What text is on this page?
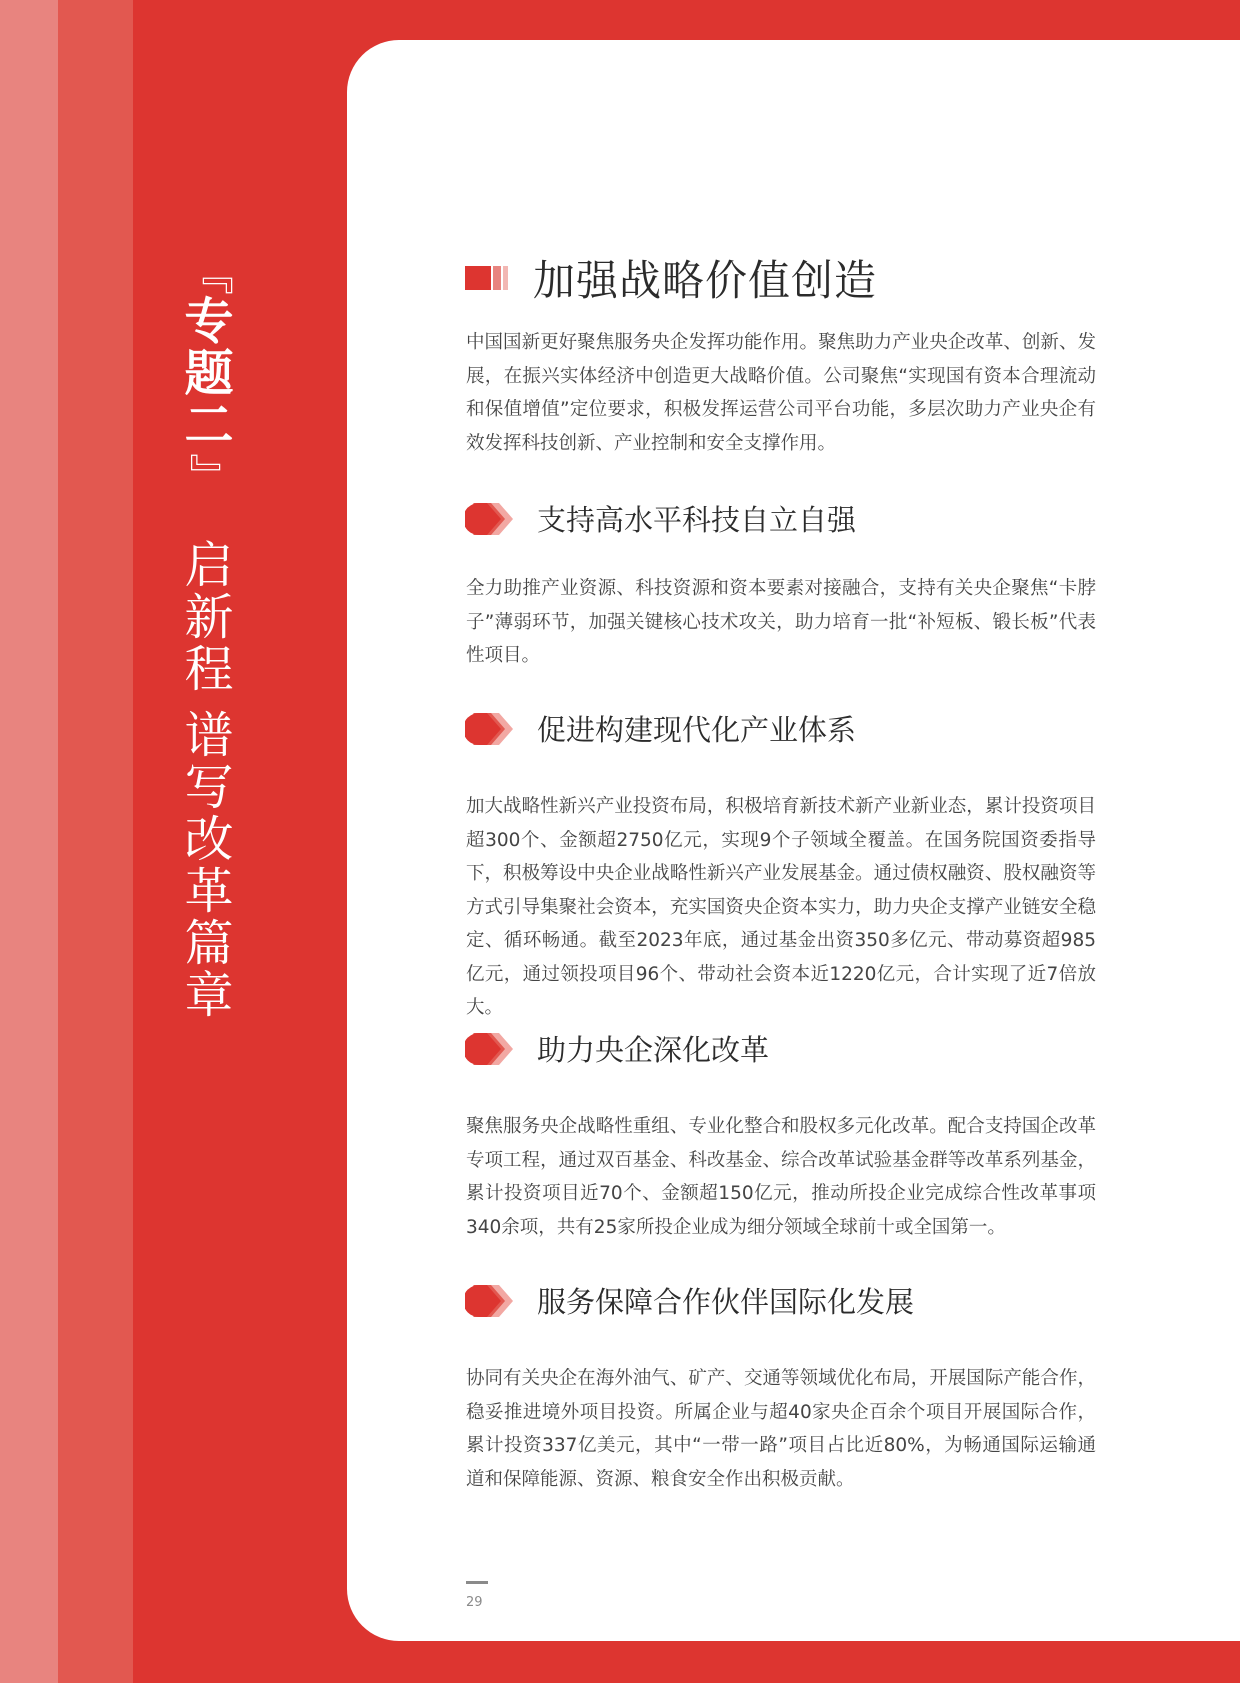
『
专
题
二
』
启
新
程
谱
写
改
革
篇
章
加强战略价值创造

中国国新更好聚焦服务央企发挥功能作用。聚焦助力产业央企改革、创新、发展，在振兴实体经济中创造更大战略价值。公司聚焦“实现国有资本合理流动和保值增值”定位要求，积极发挥运营公司平台功能，多层次助力产业央企有效发挥科技创新、产业控制和安全支撑作用。

支持高水平科技自立自强

全力助推产业资源、科技资源和资本要素对接融合，支持有关央企聚焦“卡脖子”薄弱环节，加强关键核心技术攻关，助力培育一批“补短板、锻长板”代表性项目。

促进构建现代化产业体系

加大战略性新兴产业投资布局，积极培育新技术新产业新业态，累计投资项目超300个、金额超2750亿元，实现9个子领域全覆盖。在国务院国资委指导下，积极筹设中央企业战略性新兴产业发展基金。通过债权融资、股权融资等方式引导集聚社会资本，充实国资央企资本实力，助力央企支撑产业链安全稳定、循环畅通。截至2023年底，通过基金出资350多亿元、带动募资超985亿元，通过领投项目96个、带动社会资本近1220亿元，合计实现了近7倍放大。

助力央企深化改革

聚焦服务央企战略性重组、专业化整合和股权多元化改革。配合支持国企改革专项工程，通过双百基金、科改基金、综合改革试验基金群等改革系列基金，累计投资项目近70个、金额超150亿元，推动所投企业完成综合性改革事项340余项，共有25家所投企业成为细分领域全球前十或全国第一。

服务保障合作伙伴国际化发展

协同有关央企在海外油气、矿产、交通等领域优化布局，开展国际产能合作，稳妥推进境外项目投资。所属企业与超40家央企百余个项目开展国际合作，累计投资337亿美元，其中“一带一路”项目占比近80%，为畅通国际运输通道和保障能源、资源、粮食安全作出积极贡献。

29
